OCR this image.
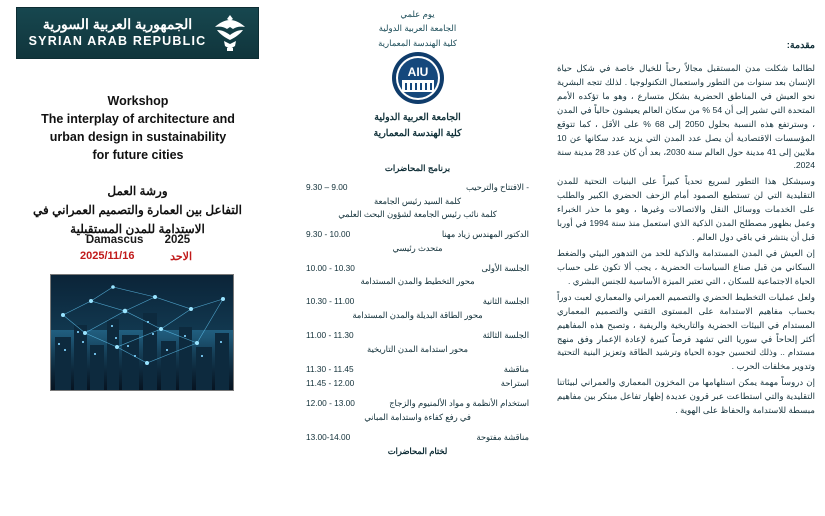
الجمهورية العربية السورية
SYRIAN ARAB REPUBLIC
Workshop
The interplay of architecture and
urban design in sustainability
for future cities
ورشة العمل
التفاعل بين العمارة والتصميم العمراني في
الاستدامة للمدن المستقبلية
Damascus 2025
الاحد
2025/11/16
يوم علمي
الجامعة العربية الدولية
كلية الهندسة المعمارية
AIU
الجامعة العربية الدولية
كلية الهندسة المعمارية
برنامج المحاضرات
- الافتتاح والترحيب
9.30 – 9.00
كلمة السيد رئيس الجامعة
كلمة نائب رئيس الجامعة لشؤون البحث العلمي
الدكتور المهندس زياد مهنا
9.30 - 10.00
متحدث رئيسي
الجلسة الأولى
10.00 - 10.30
محور التخطيط والمدن المستدامة
الجلسة الثانية
10.30 - 11.00
محور الطاقة البديلة والمدن المستدامة
الجلسة الثالثة
11.00 - 11.30
محور استدامة المدن التاريخية
مناقشة
11.30 - 11.45
استراحة
11.45 - 12.00
استخدام الأنظمة و مواد الألمنيوم والزجاج
12.00 - 13.00
في رفع كفاءة واستدامة المباني
مناقشة مفتوحة
13.00-14.00
لختام المحاضرات
مقدمة:

لطالما شكلت مدن المستقبل مجالاً رحباً للخيال خاصة في شكل حياة الإنسان بعد سنوات من التطور واستعمال التكنولوجيا . لذلك تتجه البشرية نحو العيش في المناطق الحضرية بشكل متسارع ، وهو ما تؤكده الأمم المتحدة التي تشير إلى أن 54 % من سكان العالم يعيشون حالياً في المدن ، وسترتفع هذه النسبة بحلول 2050 إلى 68 % على الأقل ، كما تتوقع المؤسسات الاقتصادية أن يصل عدد المدن التي يزيد عدد سكانها عن 10 ملايين إلى 41 مدينة حول العالم سنة 2030، بعد أن كان عدد 28 مدينة سنة 2024.

وسيشكل هذا التطور لسريع تحدياً كبيراً على البنيات التحتية للمدن التقليدية التي لن تستطيع الصمود أمام الزحف الحضري الكبير والطلب على الخدمات ووسائل النقل والاتصالات وغيرها ، وهو ما حذر الخبراء وعمل بظهور مصطلح المدن الذكية الذي استعمل منذ سنة 1994 في أوربا قبل أن ينتشر في باقي دول العالم .

إن العيش في المدن المستدامة والذكية للحد من التدهور البيئي والضغط السكاني من قبل صناع السياسات الحضرية ، يجب ألا تكون على حساب الحياة الاجتماعية للسكان ، التي تعتبر الميزة الأساسية للجنس البشري .

ولعل عمليات التخطيط الحضري والتصميم العمراني والمعماري لعبت دوراً بحساب مفاهيم الاستدامة على المستوى التقني والتصميم المعماري المستدام في البيئات الحضرية والتاريخية والريفية ، وتصبح هذه المفاهيم أكثر إلحاحاً في سوريا التي تشهد فرصاً كبيرة لإعادة الإعمار وفق منهج مستدام .. وذلك لتحسين جودة الحياة وترشيد الطاقة وتعزيز البنية التحتية وتدوير مخلفات الحرب .

إن دروساً مهمة يمكن استلهامها من المخزون المعماري والعمراني لبيئاتنا التقليدية والتي استطاعت عبر قرون عديدة إظهار تفاعل مبتكر بين مفاهيم مبسطة للاستدامة والحفاظ على الهوية .
